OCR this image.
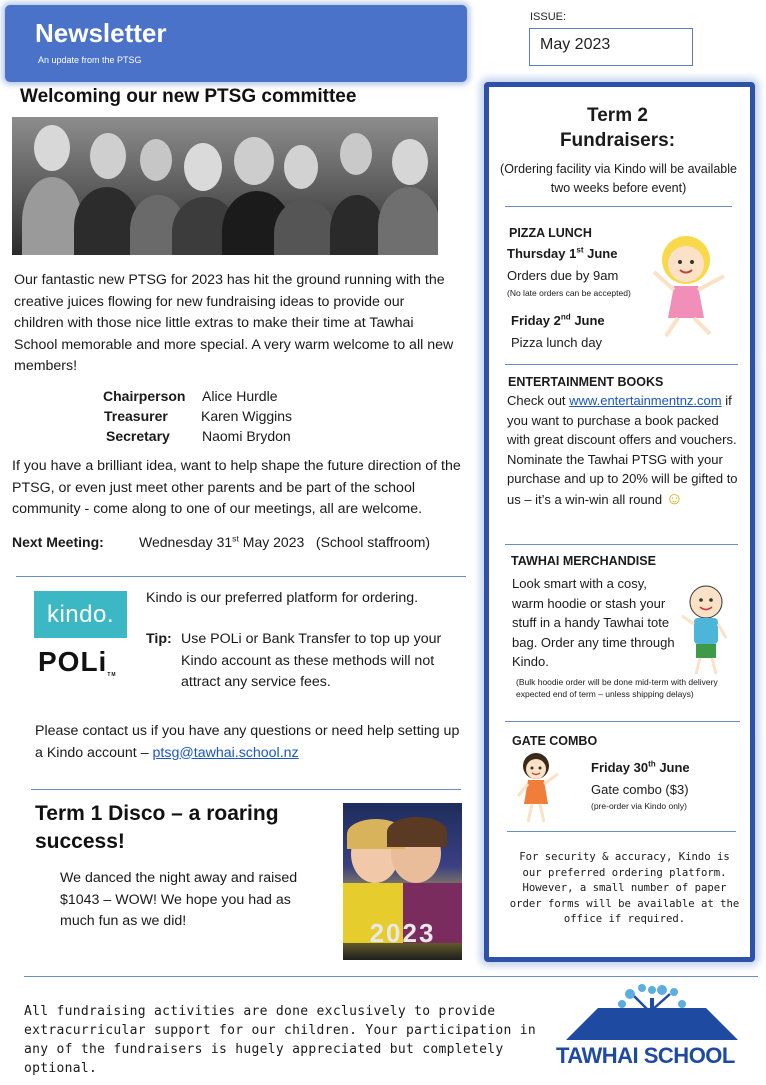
Newsletter
An update from the PTSG
ISSUE:
May 2023
Welcoming our new PTSG committee
Our fantastic new PTSG for 2023 has hit the ground running with the creative juices flowing for new fundraising ideas to provide our children with those nice little extras to make their time at Tawhai School memorable and more special. A very warm welcome to all new members!
Chairperson Alice Hurdle
Treasurer Karen Wiggins
Secretary Naomi Brydon
If you have a brilliant idea, want to help shape the future direction of the PTSG, or even just meet other parents and be part of the school community - come along to one of our meetings, all are welcome.
Next Meeting:	Wednesday 31st May 2023   (School staffroom)
kindo.
POLiTM
Kindo is our preferred platform for ordering.
Tip: Use POLi or Bank Transfer to top up your Kindo account as these methods will not attract any service fees.
Please contact us if you have any questions or need help setting up a Kindo account – ptsg@tawhai.school.nz
Term 1 Disco – a roaring success!
We danced the night away and raised $1043 – WOW! We hope you had as much fun as we did!	2023
Term 2
Fundraisers:
(Ordering facility via Kindo will be available two weeks before event)
PIZZA LUNCH
Thursday 1st June
Orders due by 9am
(No late orders can be accepted)
Friday 2nd June
Pizza lunch day
ENTERTAINMENT BOOKS
Check out www.entertainmentnz.com if you want to purchase a book packed with great discount offers and vouchers. Nominate the Tawhai PTSG with your purchase and up to 20% will be gifted to us – it’s a win-win all round ☺
TAWHAI MERCHANDISE
Look smart with a cosy, warm hoodie or stash your stuff in a handy Tawhai tote bag. Order any time through Kindo.
(Bulk hoodie order will be done mid-term with delivery expected end of term – unless shipping delays)
GATE COMBO
Friday 30th June
Gate combo ($3)
(pre-order via Kindo only)
For security & accuracy, Kindo is our preferred ordering platform. However, a small number of paper order forms will be available at the office if required.
All fundraising activities are done exclusively to provide extracurricular support for our children. Your participation in any of the fundraisers is hugely appreciated but completely optional.
TAWHAI SCHOOL
